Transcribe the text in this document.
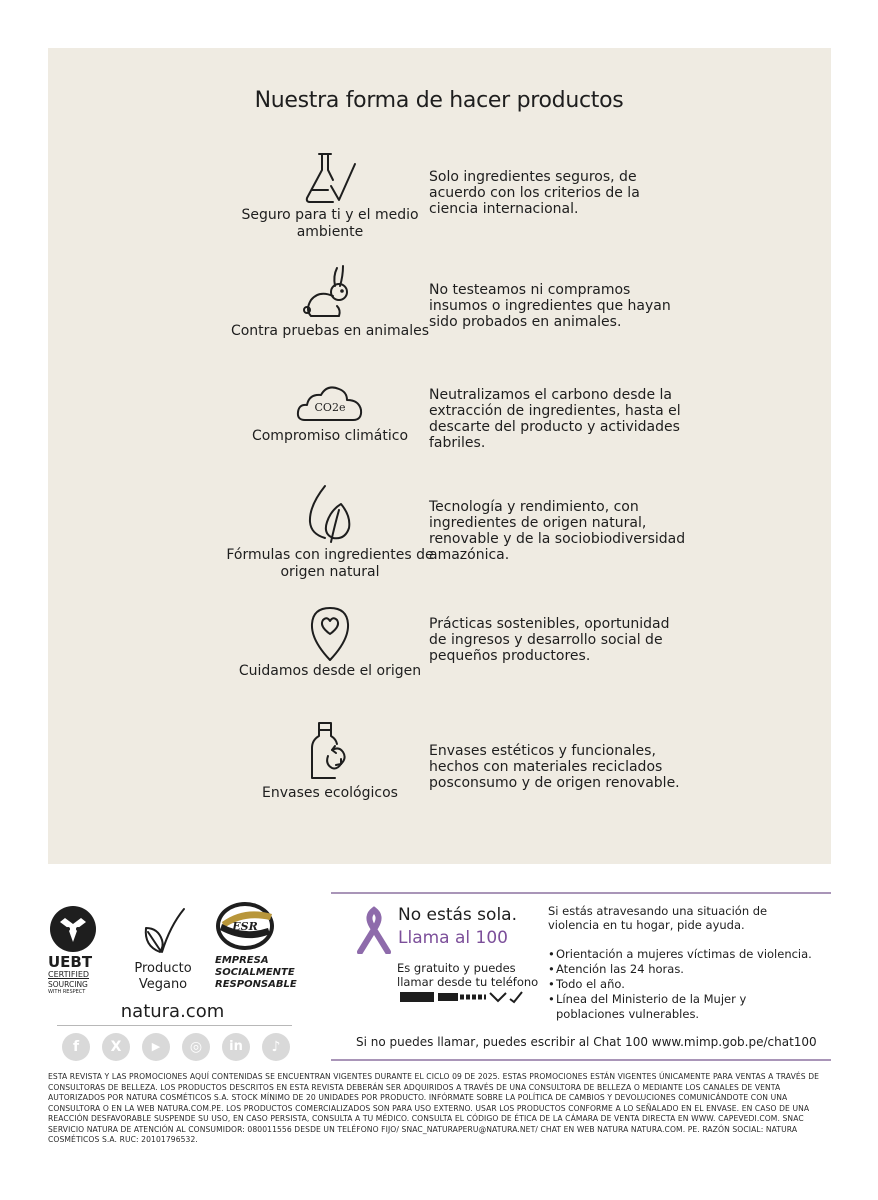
Nuestra forma de hacer productos
Seguro para ti y el medio ambiente
Solo ingredientes seguros, de acuerdo con los criterios de la ciencia internacional.
Contra pruebas en animales
No testeamos ni compramos insumos o ingredientes que hayan sido probados en animales.
CO2e
Compromiso climático
Neutralizamos el carbono desde la extracción de ingredientes, hasta el descarte del producto y actividades fabriles.
Fórmulas con ingredientes de origen natural
Tecnología y rendimiento, con ingredientes de origen natural, renovable y de la sociobiodiversidad amazónica.
Cuidamos desde el origen
Prácticas sostenibles, oportunidad de ingresos y desarrollo social de pequeños productores.
Envases ecológicos
Envases estéticos y funcionales, hechos con materiales reciclados posconsumo y de origen renovable.
UEBT
CERTIFIED
SOURCING
WITH RESPECT
Producto Vegano
ESR
EMPRESA
SOCIALMENTE
RESPONSABLE
natura.com
f	X	▶	◎	in	♪
No estás sola.
Llama al 100
Es gratuito y puedes llamar desde tu teléfono
Si estás atravesando una situación de violencia en tu hogar, pide ayuda.
• Orientación a mujeres víctimas de violencia.
• Atención las 24 horas.
• Todo el año.
• Línea del Ministerio de la Mujer y poblaciones vulnerables.
Si no puedes llamar, puedes escribir al Chat 100 www.mimp.gob.pe/chat100
ESTA REVISTA Y LAS PROMOCIONES AQUÍ CONTENIDAS SE ENCUENTRAN VIGENTES DURANTE EL CICLO 09 DE 2025. ESTAS PROMOCIONES ESTÁN VIGENTES ÚNICAMENTE PARA VENTAS A TRAVÉS DE CONSULTORAS DE BELLEZA. LOS PRODUCTOS DESCRITOS EN ESTA REVISTA DEBERÁN SER ADQUIRIDOS A TRAVÉS DE UNA CONSULTORA DE BELLEZA O MEDIANTE LOS CANALES DE VENTA AUTORIZADOS POR NATURA COSMÉTICOS S.A. STOCK MÍNIMO DE 20 UNIDADES POR PRODUCTO. INFÓRMATE SOBRE LA POLÍTICA DE CAMBIOS Y DEVOLUCIONES COMUNICÁNDOTE CON UNA CONSULTORA O EN LA WEB NATURA.COM.PE. LOS PRODUCTOS COMERCIALIZADOS SON PARA USO EXTERNO. USAR LOS PRODUCTOS CONFORME A LO SEÑALADO EN EL ENVASE. EN CASO DE UNA REACCIÓN DESFAVORABLE SUSPENDE SU USO, EN CASO PERSISTA, CONSULTA A TU MÉDICO. CONSULTA EL CÓDIGO DE ÉTICA DE LA CÁMARA DE VENTA DIRECTA EN WWW. CAPEVEDI.COM. SNAC SERVICIO NATURA DE ATENCIÓN AL CONSUMIDOR: 080011556 DESDE UN TELÉFONO FIJO/ SNAC_NATURAPERU@NATURA.NET/ CHAT EN WEB NATURA NATURA.COM. PE. RAZÓN SOCIAL: NATURA COSMÉTICOS S.A. RUC: 20101796532.
